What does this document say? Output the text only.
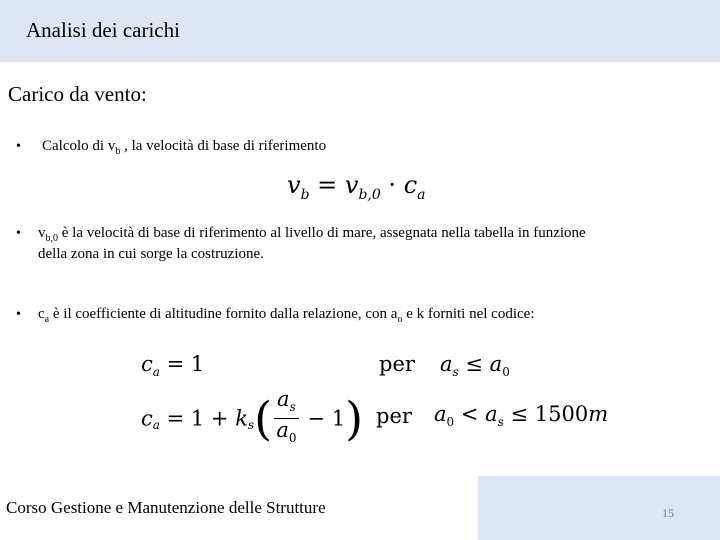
Analisi dei carichi
Carico da vento:
• Calcolo di $v_b$ , la velocità di base di riferimento
$v_b = v_{b,0} \cdot c_a$
• $v_{b,0}$ è la velocità di base di riferimento al livello di mare, assegnata nella tabella in funzione
della zona in cui sorge la costruzione.
• $c_a$ è il coefficiente di altitudine fornito dalla relazione, con $a_o$ e k forniti nel codice:
$c_a = 1$	per $a_s \le a_0$
$c_a = 1 + k_s( \frac{a_s}{a_0} - 1)$ per $a_0 < a_s \le 1500m$
Corso Gestione e Manutenzione delle Strutture	15
